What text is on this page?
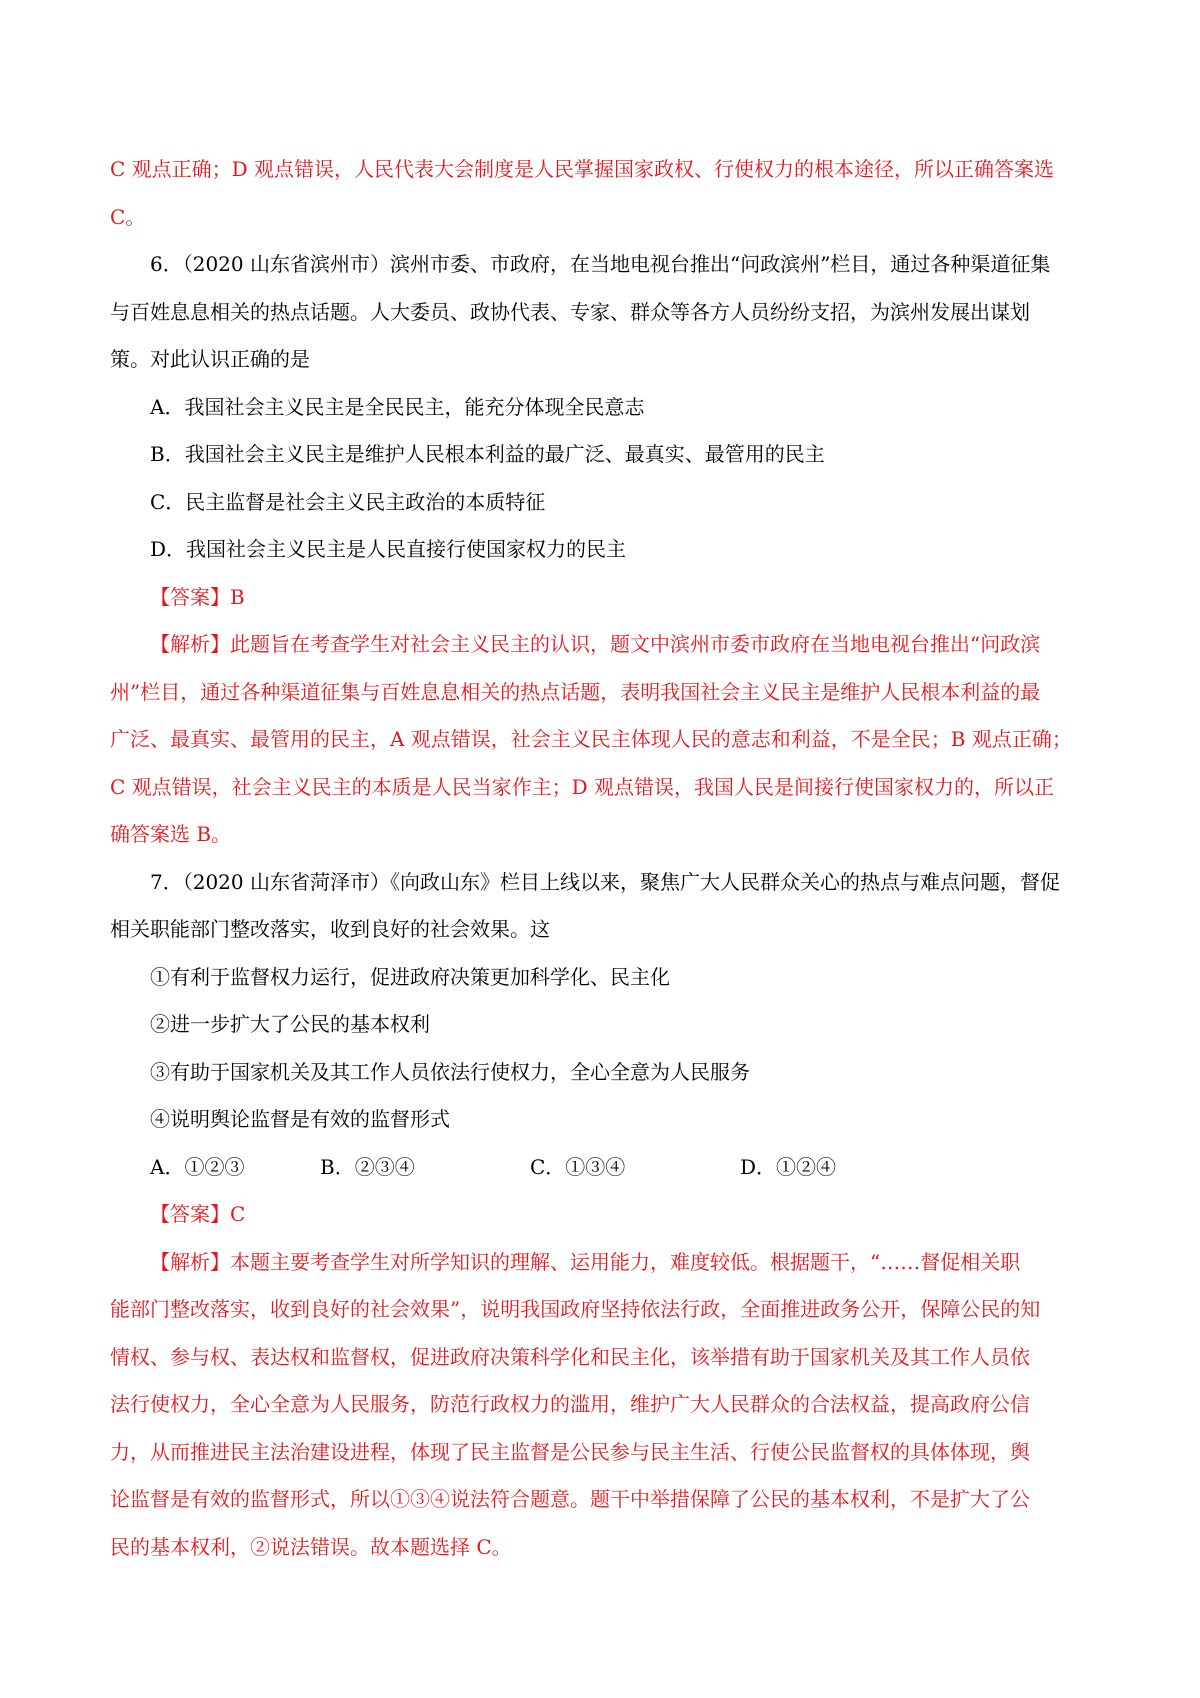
C 观点正确；D 观点错误，人民代表大会制度是人民掌握国家政权、行使权力的根本途径，所以正确答案选
C。
6．（2020 山东省滨州市）滨州市委、市政府，在当地电视台推出“问政滨州”栏目，通过各种渠道征集
与百姓息息相关的热点话题。人大委员、政协代表、专家、群众等各方人员纷纷支招，为滨州发展出谋划
策。对此认识正确的是
A．我国社会主义民主是全民民主，能充分体现全民意志
B．我国社会主义民主是维护人民根本利益的最广泛、最真实、最管用的民主
C．民主监督是社会主义民主政治的本质特征
D．我国社会主义民主是人民直接行使国家权力的民主
【答案】B
【解析】此题旨在考查学生对社会主义民主的认识，题文中滨州市委市政府在当地电视台推出“问政滨
州”栏目，通过各种渠道征集与百姓息息相关的热点话题，表明我国社会主义民主是维护人民根本利益的最
广泛、最真实、最管用的民主，A 观点错误，社会主义民主体现人民的意志和利益，不是全民；B 观点正确；
C 观点错误，社会主义民主的本质是人民当家作主；D 观点错误，我国人民是间接行使国家权力的，所以正
确答案选 B。
7．（2020 山东省菏泽市）《向政山东》栏目上线以来，聚焦广大人民群众关心的热点与难点问题，督促
相关职能部门整改落实，收到良好的社会效果。这
①有利于监督权力运行，促进政府决策更加科学化、民主化
②进一步扩大了公民的基本权利
③有助于国家机关及其工作人员依法行使权力，全心全意为人民服务
④说明舆论监督是有效的监督形式
A．①②③	B．②③④	C．①③④	D．①②④
【答案】C
【解析】本题主要考查学生对所学知识的理解、运用能力，难度较低。根据题干，“……督促相关职
能部门整改落实，收到良好的社会效果”，说明我国政府坚持依法行政，全面推进政务公开，保障公民的知
情权、参与权、表达权和监督权，促进政府决策科学化和民主化，该举措有助于国家机关及其工作人员依
法行使权力，全心全意为人民服务，防范行政权力的滥用，维护广大人民群众的合法权益，提高政府公信
力，从而推进民主法治建设进程，体现了民主监督是公民参与民主生活、行使公民监督权的具体体现，舆
论监督是有效的监督形式，所以①③④说法符合题意。题干中举措保障了公民的基本权利，不是扩大了公
民的基本权利，②说法错误。故本题选择 C。
